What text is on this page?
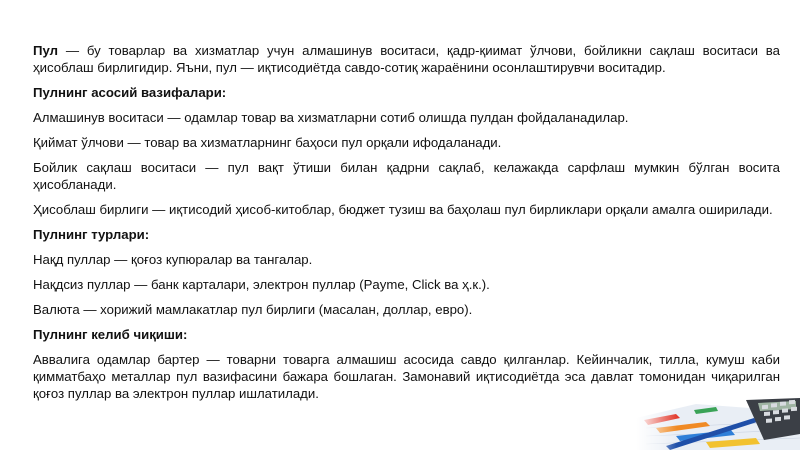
Пул — бу товарлар ва хизматлар учун алмашинув воситаси, қадр-қиимат ўлчови, бойликни сақлаш воситаси ва ҳисоблаш бирлигидир. Яъни, пул — иқтисодиётда савдо-сотиқ жараёнини осонлаштирувчи воситадир.

Пулнинг асосий вазифалари:

Алмашинув воситаси — одамлар товар ва хизматларни сотиб олишда пулдан фойдаланадилар.

Қиймат ўлчови — товар ва хизматларнинг баҳоси пул орқали ифодаланади.

Бойлик сақлаш воситаси — пул вақт ўтиши билан қадрни сақлаб, келажакда сарфлаш мумкин бўлган восита ҳисобланади.

Ҳисоблаш бирлиги — иқтисодий ҳисоб-китоблар, бюджет тузиш ва баҳолаш пул бирликлари орқали амалга оширилади.

Пулнинг турлари:

Нақд пуллар — қоғоз купюралар ва тангалар.

Нақдсиз пуллар — банк карталари, электрон пуллар (Payme, Click ва ҳ.к.).

Валюта — хорижий мамлакатлар пул бирлиги (масалан, доллар, евро).

Пулнинг келиб чиқиши:

Аввалига одамлар бартер — товарни товарга алмашиш асосида савдо қилганлар. Кейинчалик, тилла, кумуш каби қимматбаҳо металлар пул вазифасини бажара бошлаган. Замонавий иқтисодиётда эса давлат томонидан чиқарилган қоғоз пуллар ва электрон пуллар ишлатилади.
